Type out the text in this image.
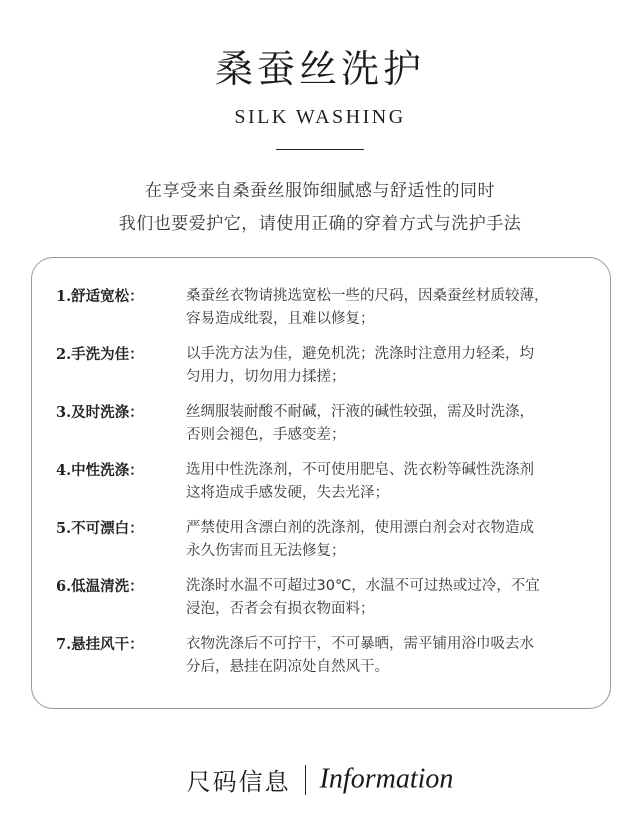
桑蚕丝洗护
SILK WASHING
在享受来自桑蚕丝服饰细腻感与舒适性的同时
我们也要爱护它，请使用正确的穿着方式与洗护手法
1.舒适宽松：	桑蚕丝衣物请挑选宽松一些的尺码，因桑蚕丝材质较薄，
容易造成纰裂，且难以修复；
2.手洗为佳：	以手洗方法为佳，避免机洗；洗涤时注意用力轻柔，均
匀用力，切勿用力揉搓；
3.及时洗涤：	丝绸服装耐酸不耐碱，汗液的碱性较强，需及时洗涤，
否则会褪色，手感变差；
4.中性洗涤：	选用中性洗涤剂，不可使用肥皂、洗衣粉等碱性洗涤剂
这将造成手感发硬，失去光泽；
5.不可漂白：	严禁使用含漂白剂的洗涤剂，使用漂白剂会对衣物造成
永久伤害而且无法修复；
6.低温清洗：	洗涤时水温不可超过30℃，水温不可过热或过冷，不宜
浸泡，否者会有损衣物面料；
7.悬挂风干：	衣物洗涤后不可拧干，不可暴晒，需平铺用浴巾吸去水
分后，悬挂在阴凉处自然风干。
尺码信息 Information
